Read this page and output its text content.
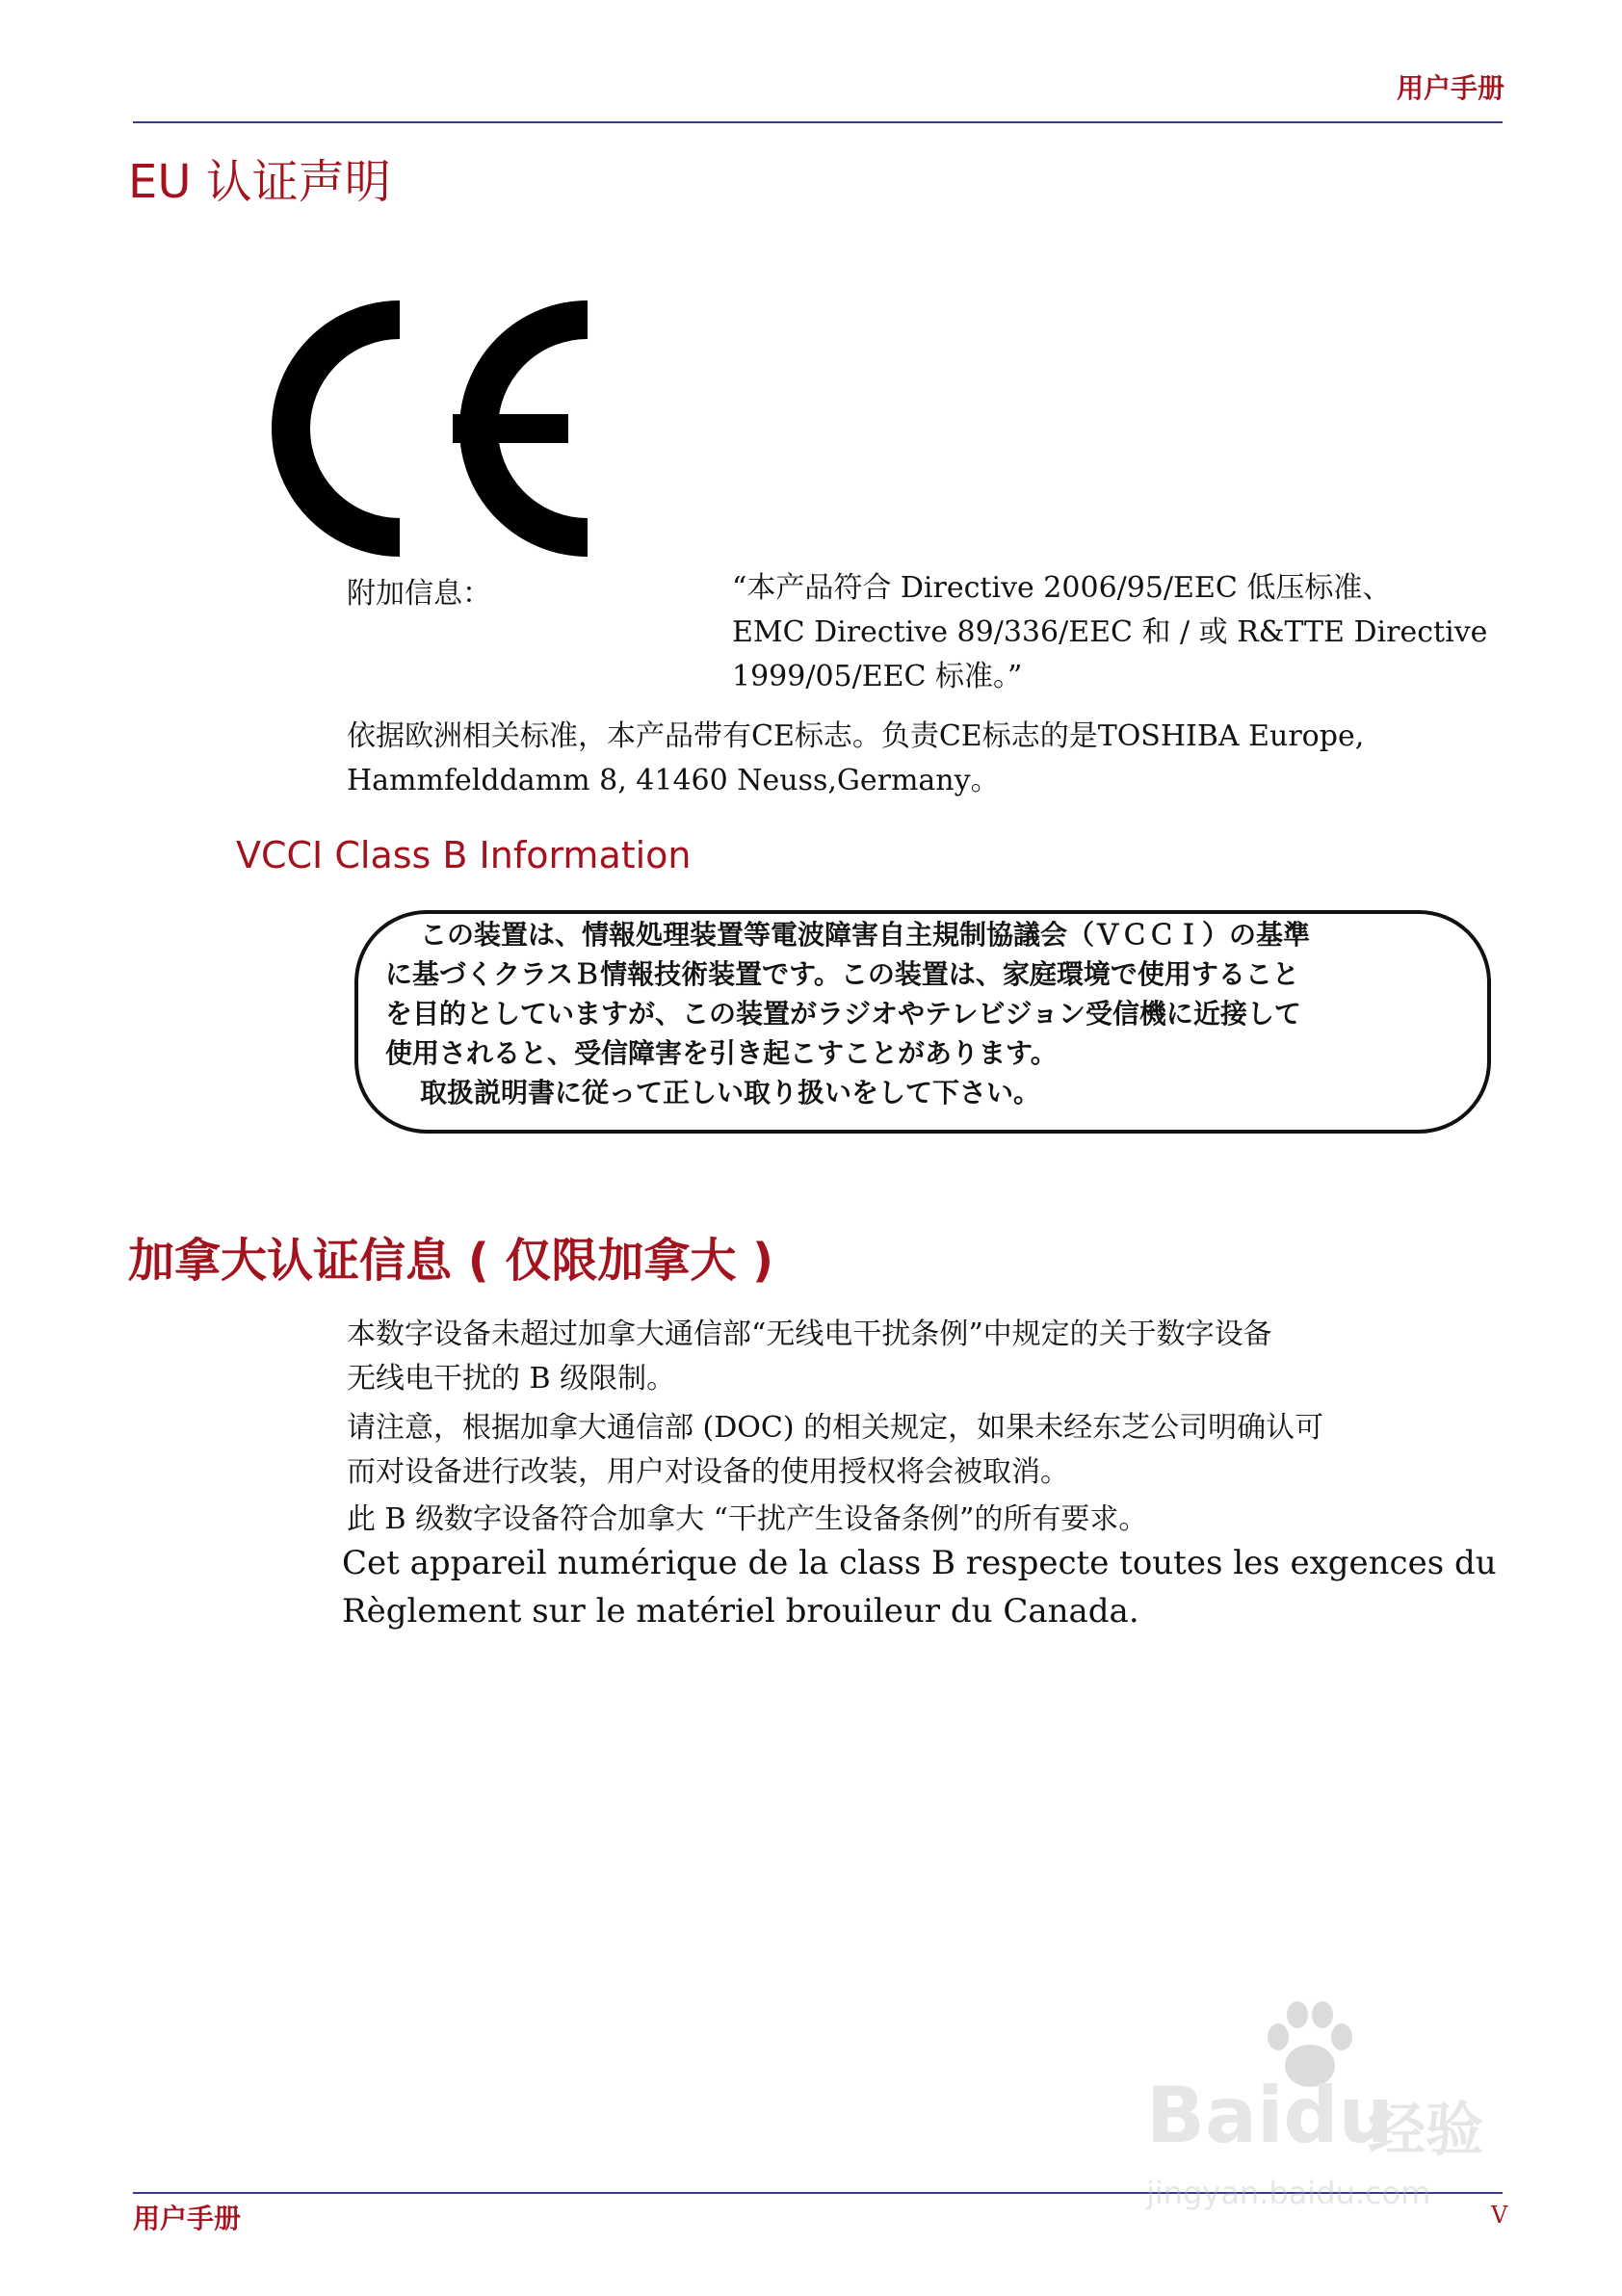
用户手册
EU 认证声明
附加信息：	“本产品符合 Directive 2006/95/EEC 低压标准、
EMC Directive 89/336/EEC 和 / 或 R&TTE Directive
1999/05/EEC 标准。”
依据欧洲相关标准，本产品带有CE标志。负责CE标志的是TOSHIBA Europe,
Hammfelddamm 8, 41460 Neuss,Germany。
VCCI Class B Information
この装置は、情報処理装置等電波障害自主規制協議会（ＶＣＣＩ）の基準
に基づくクラスＢ情報技術装置です。この装置は、家庭環境で使用すること
を目的としていますが、この装置がラジオやテレビジョン受信機に近接して
使用されると、受信障害を引き起こすことがあります。
取扱説明書に従って正しい取り扱いをして下さい。
加拿大认证信息 ( 仅限加拿大 )
本数字设备未超过加拿大通信部“无线电干扰条例”中规定的关于数字设备
无线电干扰的 B 级限制。
请注意，根据加拿大通信部 (DOC) 的相关规定，如果未经东芝公司明确认可
而对设备进行改装，用户对设备的使用授权将会被取消。
此 B 级数字设备符合加拿大 “干扰产生设备条例”的所有要求。
Cet appareil numérique de la class B respecte toutes les exgences du
Règlement sur le matériel brouileur du Canada.
用户手册	V
Baidu
经验
jingyan.baidu.com
